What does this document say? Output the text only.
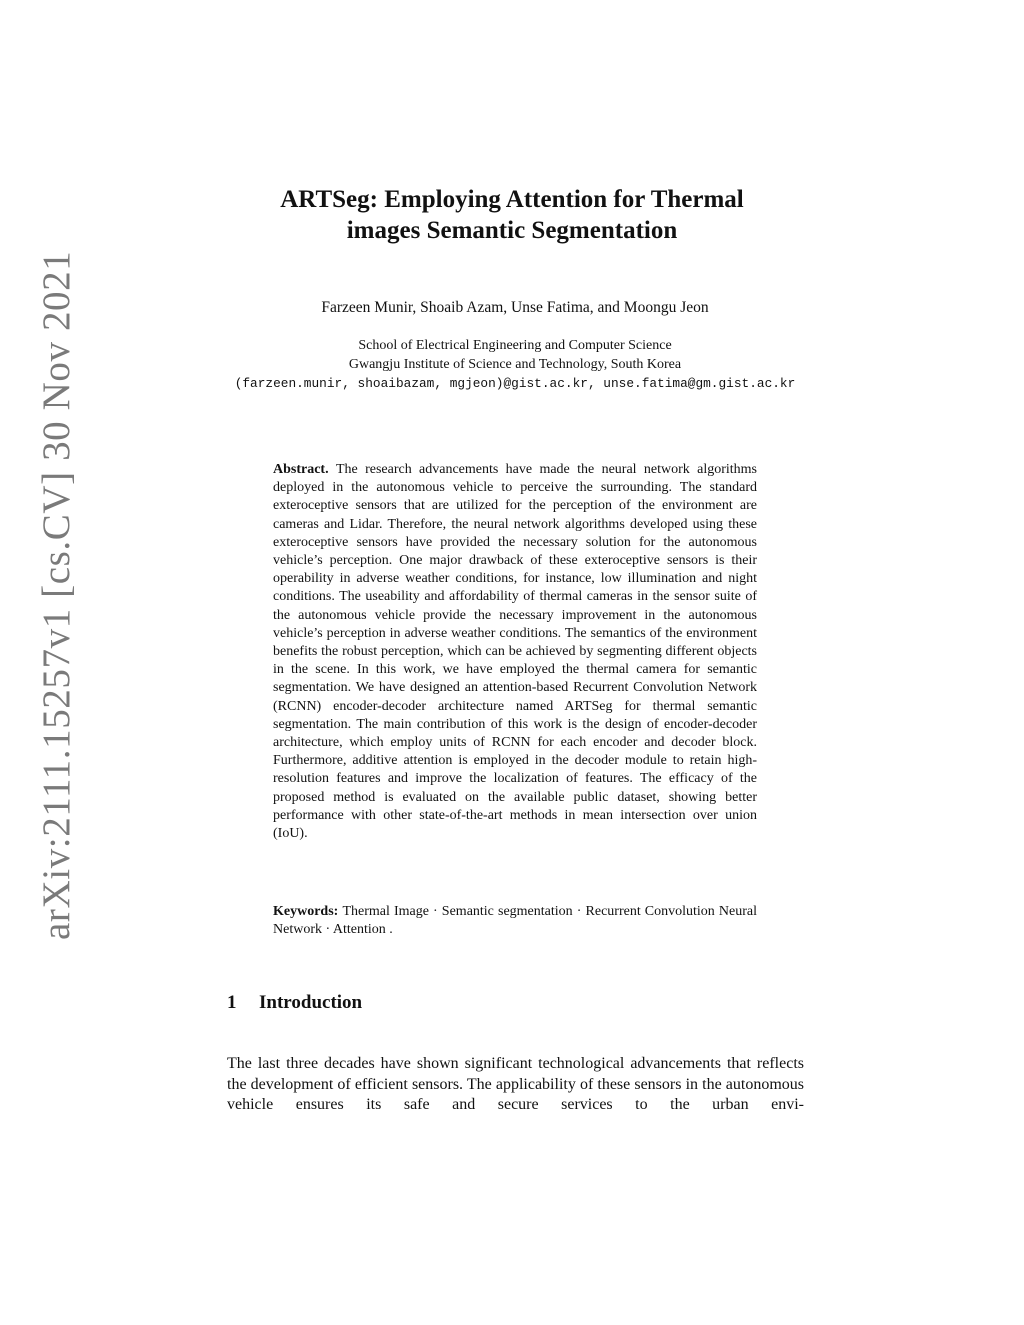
arXiv:2111.15257v1 [cs.CV] 30 Nov 2021
ARTSeg: Employing Attention for Thermal
images Semantic Segmentation
Farzeen Munir, Shoaib Azam, Unse Fatima, and Moongu Jeon
School of Electrical Engineering and Computer Science
Gwangju Institute of Science and Technology, South Korea
(farzeen.munir, shoaibazam, mgjeon)@gist.ac.kr, unse.fatima@gm.gist.ac.kr
Abstract. The research advancements have made the neural network algorithms deployed in the autonomous vehicle to perceive the surrounding. The standard exteroceptive sensors that are utilized for the perception of the environment are cameras and Lidar. Therefore, the neural network algorithms developed using these exteroceptive sensors have provided the necessary solution for the autonomous vehicle’s perception. One major drawback of these exteroceptive sensors is their operability in adverse weather conditions, for instance, low illumination and night conditions. The useability and affordability of thermal cameras in the sensor suite of the autonomous vehicle provide the necessary improvement in the autonomous vehicle’s perception in adverse weather conditions. The semantics of the environment benefits the robust perception, which can be achieved by segmenting different objects in the scene. In this work, we have employed the thermal camera for semantic segmentation. We have designed an attention-based Recurrent Convolution Network (RCNN) encoder-decoder architecture named ARTSeg for thermal semantic segmentation. The main contribution of this work is the design of encoder-decoder architecture, which employ units of RCNN for each encoder and decoder block. Furthermore, additive attention is employed in the decoder module to retain high-resolution features and improve the localization of features. The efficacy of the proposed method is evaluated on the available public dataset, showing better performance with other state-of-the-art methods in mean intersection over union (IoU).
Keywords: Thermal Image · Semantic segmentation · Recurrent Convolution Neural Network · Attention .
1 Introduction
The last three decades have shown significant technological advancements that reflects the development of efficient sensors. The applicability of these sensors in the autonomous vehicle ensures its safe and secure services to the urban envi-
